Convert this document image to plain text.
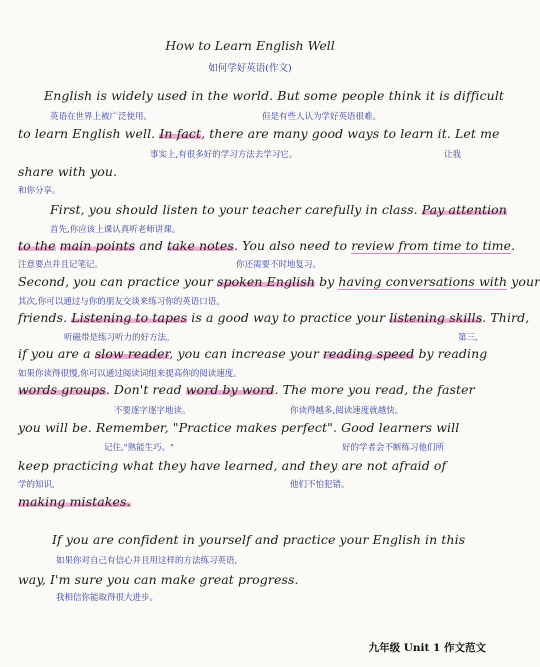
How to Learn English Well
如何学好英语(作文)
English is widely used in the world. But some people think it is difficult
英语在世界上被广泛使用。	但是有些人认为学好英语很难。
to learn English well. In fact, there are many good ways to learn it. Let me
事实上,有很多好的学习方法去学习它。	让我
share with you.
和你分享。
First, you should listen to your teacher carefully in class. Pay attention
首先,你应该上课认真听老师讲课。
to the main points and take notes. You also need to review from time to time.
注意要点并且记笔记。	你还需要不时地复习。
Second, you can practice your spoken English by having conversations with your
其次,你可以通过与你的朋友交谈来练习你的英语口语。
friends. Listening to tapes is a good way to practice your listening skills. Third,
听磁带是练习听力的好方法。	第三,
if you are a slow reader, you can increase your reading speed by reading
如果你读得很慢,你可以通过阅读词组来提高你的阅读速度。
words groups. Don't read word by word. The more you read, the faster
不要逐字逐字地读。	你读得越多,阅读速度就越快。
you will be. Remember, "Practice makes perfect". Good learners will
记住,"熟能生巧。"	好的学者会不断练习他们所
keep practicing what they have learned, and they are not afraid of
学的知识,	他们不怕犯错。
making mistakes.
If you are confident in yourself and practice your English in this
如果你对自己有信心并且用这样的方法练习英语,
way, I'm sure you can make great progress.
我相信你能取得很大进步。
九年级 Unit 1 作文范文
